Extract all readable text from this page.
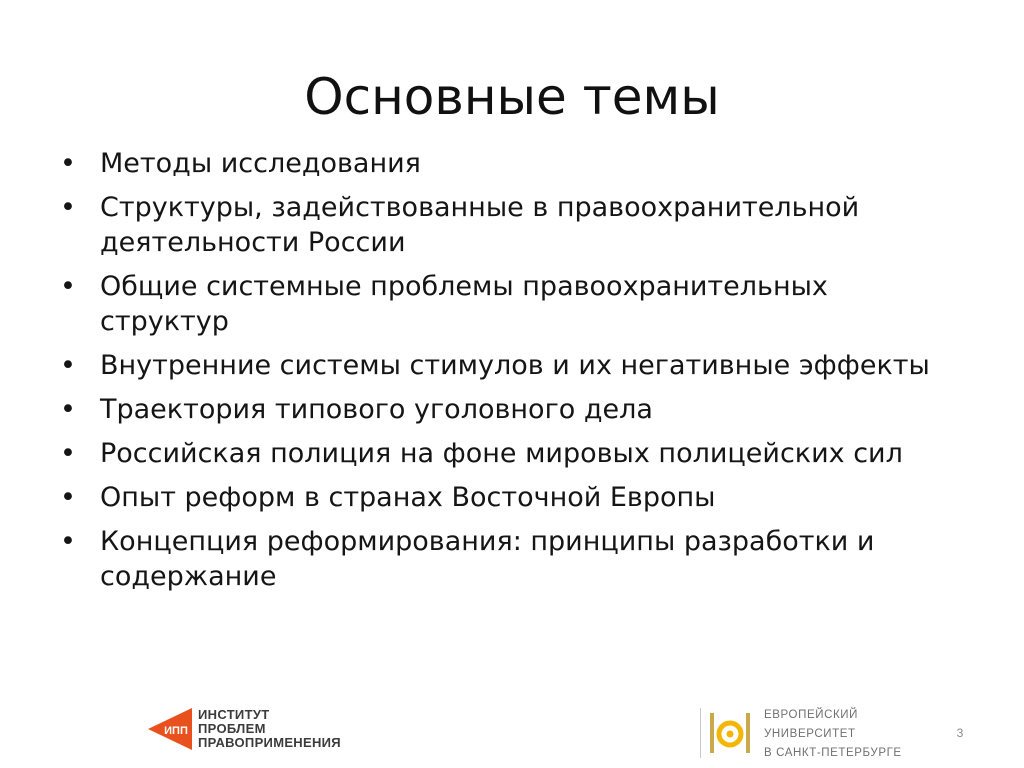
Основные темы
• Методы исследования
• Структуры, задействованные в правоохранительной
деятельности России
• Общие системные проблемы правоохранительных
структур
• Внутренние системы стимулов и их негативные эффекты
• Траектория типового уголовного дела
• Российская полиция на фоне мировых полицейских сил
• Опыт реформ в странах Восточной Европы
• Концепция реформирования: принципы разработки и
содержание
ИПП
ИНСТИТУТ
ПРОБЛЕМ
ПРАВОПРИМЕНЕНИЯ
ЕВРОПЕЙСКИЙ
УНИВЕРСИТЕТ
В САНКТ-ПЕТЕРБУРГЕ
3
